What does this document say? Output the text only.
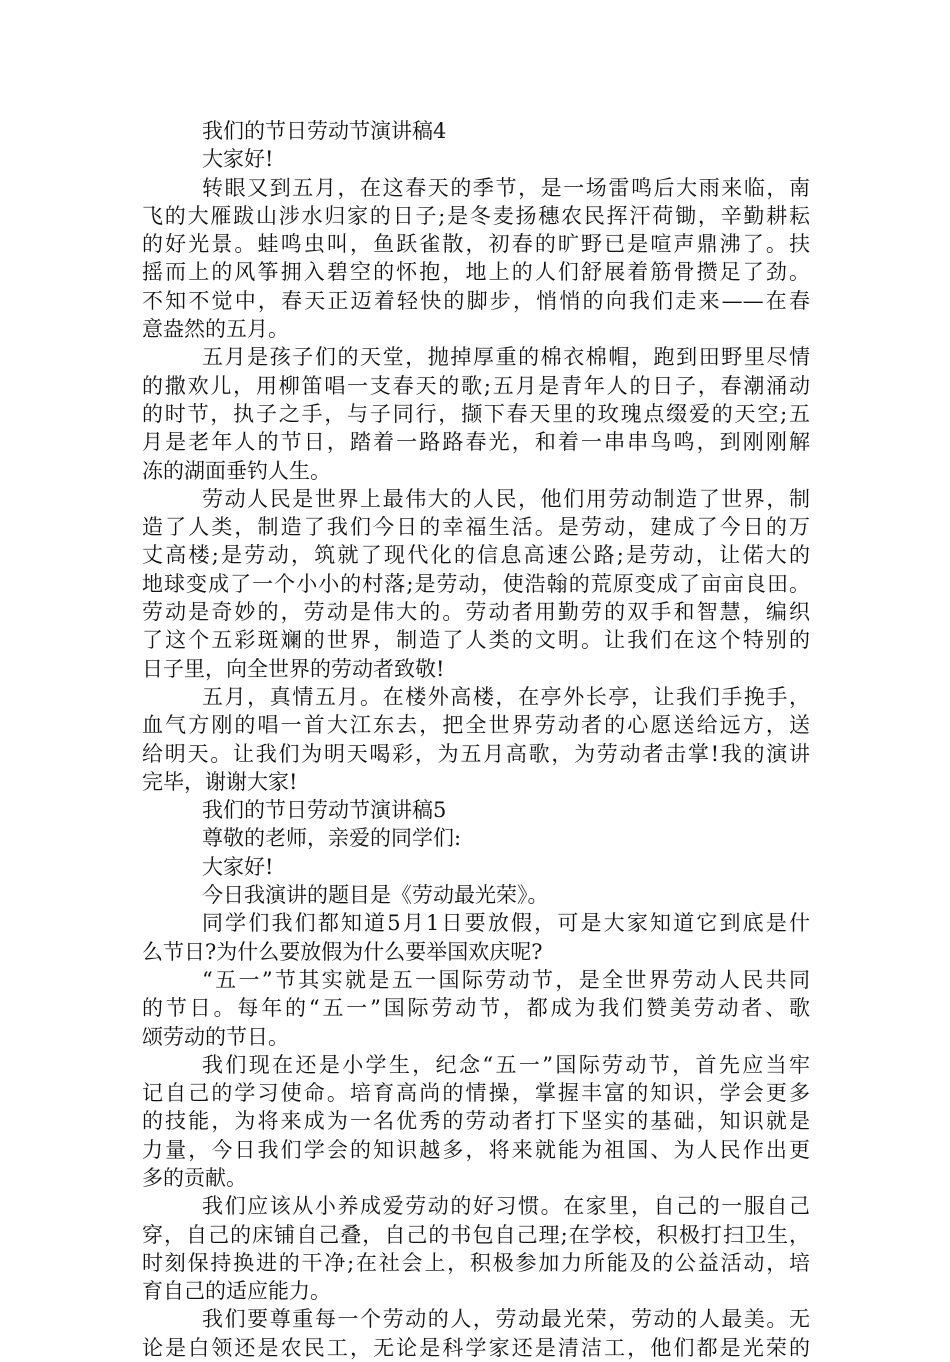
我们的节日劳动节演讲稿4
大家好!
转眼又到五月，在这春天的季节，是一场雷鸣后大雨来临，南
飞的大雁跋山涉水归家的日子;是冬麦扬穗农民挥汗荷锄，辛勤耕耘
的好光景。蛙鸣虫叫，鱼跃雀散，初春的旷野已是喧声鼎沸了。扶
摇而上的风筝拥入碧空的怀抱，地上的人们舒展着筋骨攒足了劲。
不知不觉中，春天正迈着轻快的脚步，悄悄的向我们走来——在春
意盎然的五月。
五月是孩子们的天堂，抛掉厚重的棉衣棉帽，跑到田野里尽情
的撒欢儿，用柳笛唱一支春天的歌;五月是青年人的日子，春潮涌动
的时节，执子之手，与子同行，撷下春天里的玫瑰点缀爱的天空;五
月是老年人的节日，踏着一路路春光，和着一串串鸟鸣，到刚刚解
冻的湖面垂钓人生。
劳动人民是世界上最伟大的人民，他们用劳动制造了世界，制
造了人类，制造了我们今日的幸福生活。是劳动，建成了今日的万
丈高楼;是劳动，筑就了现代化的信息高速公路;是劳动，让偌大的
地球变成了一个小小的村落;是劳动，使浩翰的荒原变成了亩亩良田。
劳动是奇妙的，劳动是伟大的。劳动者用勤劳的双手和智慧，编织
了这个五彩斑斓的世界，制造了人类的文明。让我们在这个特别的
日子里，向全世界的劳动者致敬!
五月，真情五月。在楼外高楼，在亭外长亭，让我们手挽手，
血气方刚的唱一首大江东去，把全世界劳动者的心愿送给远方，送
给明天。让我们为明天喝彩，为五月高歌，为劳动者击掌!我的演讲
完毕，谢谢大家!
我们的节日劳动节演讲稿5
尊敬的老师，亲爱的同学们:
大家好!
今日我演讲的题目是《劳动最光荣》。
同学们我们都知道5月1日要放假，可是大家知道它到底是什
么节日?为什么要放假为什么要举国欢庆呢?
“五一”节其实就是五一国际劳动节，是全世界劳动人民共同
的节日。每年的“五一”国际劳动节，都成为我们赞美劳动者、歌
颂劳动的节日。
我们现在还是小学生，纪念“五一”国际劳动节，首先应当牢
记自己的学习使命。培育高尚的情操，掌握丰富的知识，学会更多
的技能，为将来成为一名优秀的劳动者打下坚实的基础，知识就是
力量，今日我们学会的知识越多，将来就能为祖国、为人民作出更
多的贡献。
我们应该从小养成爱劳动的好习惯。在家里，自己的一服自己
穿，自己的床铺自己叠，自己的书包自己理;在学校，积极打扫卫生，
时刻保持换进的干净;在社会上，积极参加力所能及的公益活动，培
育自己的适应能力。
我们要尊重每一个劳动的人，劳动最光荣，劳动的人最美。无
论是白领还是农民工，无论是科学家还是清洁工，他们都是光荣的
